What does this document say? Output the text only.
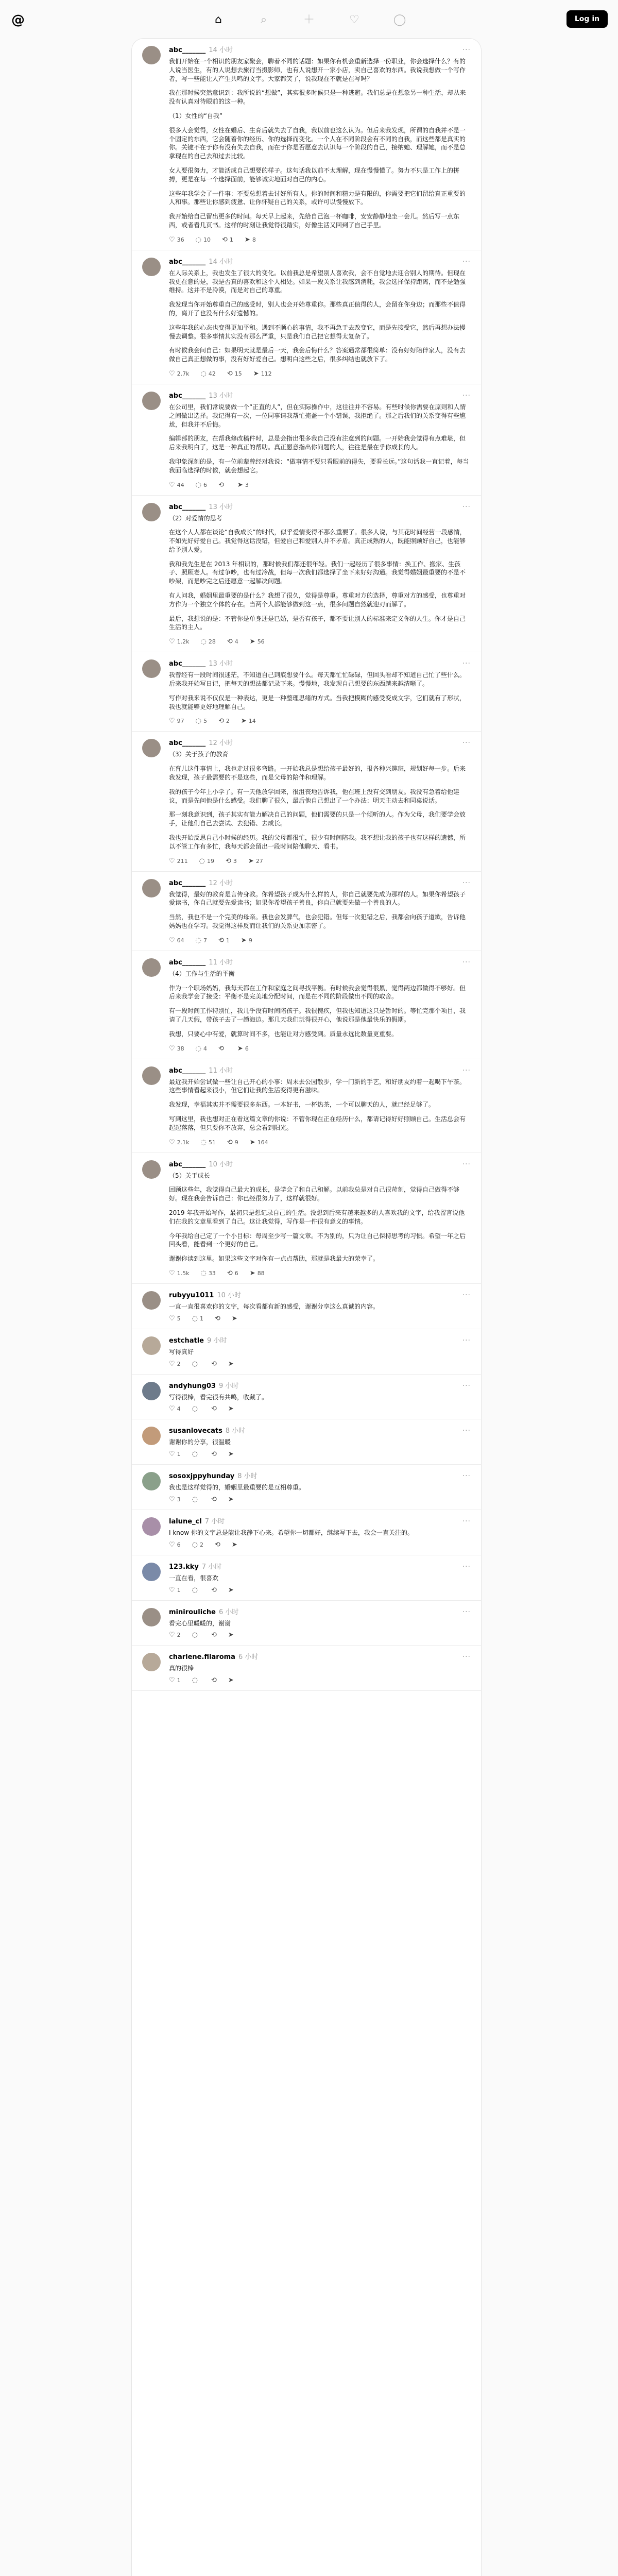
@	⌂	⌕	＋	♡	◯	Log in
abc_______ 14 小时	···

我们开始在一个相识的朋友家聚会，聊着不同的话题：如果你有机会重新选择一份职业，你会选择什么？有的人说当医生，有的人说想去旅行当摄影师，也有人说想开一家小店，卖自己喜欢的东西。我说我想做一个写作者，写一些能让人产生共鸣的文字。大家都笑了，说我现在不就是在写吗？

我在那时候突然意识到：我所说的“想做”，其实很多时候只是一种逃避。我们总是在想象另一种生活，却从来没有认真对待眼前的这一种。

（1）女性的“自我”

很多人会觉得，女性在婚后、生育后就失去了自我，我以前也这么认为。但后来我发现，所谓的自我并不是一个固定的东西，它会随着你的经历、你的选择而变化。一个人在不同阶段会有不同的自我，而这些都是真实的你。关键不在于你有没有失去自我，而在于你是否愿意去认识每一个阶段的自己，接纳她、理解她，而不是总拿现在的自己去和过去比较。

女人要很努力，才能活成自己想要的样子。这句话我以前不太理解，现在慢慢懂了。努力不只是工作上的拼搏，更是在每一个选择面前，能够诚实地面对自己的内心。

这些年我学会了一件事：不要总想着去讨好所有人。你的时间和精力是有限的，你需要把它们留给真正重要的人和事。那些让你感到疲惫、让你怀疑自己的关系，或许可以慢慢放下。

我开始给自己留出更多的时间。每天早上起来，先给自己泡一杯咖啡，安安静静地坐一会儿。然后写一点东西，或者看几页书。这样的时刻让我觉得很踏实，好像生活又回到了自己手里。

♡ 36 ◌ 10 ⟲ 1 ➤ 8
abc_______ 14 小时	···

在人际关系上，我也发生了很大的变化。以前我总是希望别人喜欢我，会不自觉地去迎合别人的期待。但现在我更在意的是，我是否真的喜欢和这个人相处。如果一段关系让我感到消耗，我会选择保持距离，而不是勉强维持。这并不是冷漠，而是对自己的尊重。

我发现当你开始尊重自己的感受时，别人也会开始尊重你。那些真正值得的人，会留在你身边；而那些不值得的，离开了也没有什么好遗憾的。

这些年我的心态也变得更加平和。遇到不顺心的事情，我不再急于去改变它，而是先接受它，然后再想办法慢慢去调整。很多事情其实没有那么严重，只是我们自己把它想得太复杂了。

有时候我会问自己：如果明天就是最后一天，我会后悔什么？答案通常都很简单：没有好好陪伴家人，没有去做自己真正想做的事，没有好好爱自己。想明白这些之后，很多纠结也就放下了。

♡ 2.7k ◌ 42 ⟲ 15 ➤ 112
abc_______ 13 小时	···

在公司里，我们常说要做一个“正直的人”，但在实际操作中，这往往并不容易。有些时候你需要在原则和人情之间做出选择。我记得有一次，一位同事请我帮忙掩盖一个小错误，我拒绝了。那之后我们的关系变得有些尴尬，但我并不后悔。

编辑部的朋友，在帮我修改稿件时，总是会指出很多我自己没有注意到的问题。一开始我会觉得有点难堪，但后来我明白了，这是一种真正的帮助。真正愿意指出你问题的人，往往是最在乎你成长的人。

我印象深刻的是，有一位前辈曾经对我说：“做事情不要只看眼前的得失，要看长远。”这句话我一直记着，每当我面临选择的时候，就会想起它。

♡ 44 ◌ 6 ⟲ ➤ 3
abc_______ 13 小时	···

（2）对爱情的思考

在这个人人都在谈论“自我成长”的时代，似乎爱情变得不那么重要了。很多人说，与其花时间经营一段感情，不如先好好爱自己。我觉得这话没错，但爱自己和爱别人并不矛盾。真正成熟的人，既能照顾好自己，也能够给予别人爱。

我和我先生是在 2013 年相识的，那时候我们都还很年轻。我们一起经历了很多事情：换工作、搬家、生孩子、照顾老人。有过争吵，也有过冷战，但每一次我们都选择了坐下来好好沟通。我觉得婚姻最重要的不是不吵架，而是吵完之后还愿意一起解决问题。

有人问我，婚姻里最重要的是什么？我想了很久，觉得是尊重。尊重对方的选择，尊重对方的感受，也尊重对方作为一个独立个体的存在。当两个人都能够做到这一点，很多问题自然就迎刃而解了。

最后，我想说的是：不管你是单身还是已婚，是否有孩子，都不要让别人的标准来定义你的人生。你才是自己生活的主人。

♡ 1.2k ◌ 28 ⟲ 4 ➤ 56
abc_______ 13 小时	···

我曾经有一段时间很迷茫，不知道自己到底想要什么。每天都忙忙碌碌，但回头看却不知道自己忙了些什么。后来我开始写日记，把每天的想法都记录下来。慢慢地，我发现自己想要的东西越来越清晰了。

写作对我来说不仅仅是一种表达，更是一种整理思绪的方式。当我把模糊的感受变成文字，它们就有了形状，我也就能够更好地理解自己。

♡ 97 ◌ 5 ⟲ 2 ➤ 14
abc_______ 12 小时	···

（3）关于孩子的教育

在育儿这件事情上，我也走过很多弯路。一开始我总是想给孩子最好的，报各种兴趣班，规划好每一步。后来我发现，孩子最需要的不是这些，而是父母的陪伴和理解。

我的孩子今年上小学了。有一天他放学回来，很沮丧地告诉我，他在班上没有交到朋友。我没有急着给他建议，而是先问他是什么感受。我们聊了很久，最后他自己想出了一个办法：明天主动去和同桌说话。

那一刻我意识到，孩子其实有能力解决自己的问题，他们需要的只是一个倾听的人。作为父母，我们要学会放手，让他们自己去尝试、去犯错、去成长。

我也开始反思自己小时候的经历。我的父母都很忙，很少有时间陪我。我不想让我的孩子也有这样的遗憾，所以不管工作有多忙，我每天都会留出一段时间陪他聊天、看书。

♡ 211 ◌ 19 ⟲ 3 ➤ 27
abc_______ 12 小时	···

我觉得，最好的教育是言传身教。你希望孩子成为什么样的人，你自己就要先成为那样的人。如果你希望孩子爱读书，你自己就要先爱读书；如果你希望孩子善良，你自己就要先做一个善良的人。

当然，我也不是一个完美的母亲。我也会发脾气，也会犯错。但每一次犯错之后，我都会向孩子道歉，告诉他妈妈也在学习。我觉得这样反而让我们的关系更加亲密了。

♡ 64 ◌ 7 ⟲ 1 ➤ 9
abc_______ 11 小时	···

（4）工作与生活的平衡

作为一个职场妈妈，我每天都在工作和家庭之间寻找平衡。有时候我会觉得很累，觉得两边都做得不够好。但后来我学会了接受：平衡不是完美地分配时间，而是在不同的阶段做出不同的取舍。

有一段时间工作特别忙，我几乎没有时间陪孩子。我很愧疚，但我也知道这只是暂时的。等忙完那个项目，我请了几天假，带孩子去了一趟海边。那几天我们玩得很开心，他说那是他最快乐的假期。

我想，只要心中有爱，就算时间不多，也能让对方感受到。质量永远比数量更重要。

♡ 38 ◌ 4 ⟲ ➤ 6
abc_______ 11 小时	···

最近我开始尝试做一些让自己开心的小事：周末去公园散步，学一门新的手艺，和好朋友约着一起喝下午茶。这些事情看起来很小，但它们让我的生活变得更有滋味。

我发现，幸福其实并不需要很多东西。一本好书，一杯热茶，一个可以聊天的人，就已经足够了。

写到这里，我也想对正在看这篇文章的你说：不管你现在正在经历什么，都请记得好好照顾自己。生活总会有起起落落，但只要你不放弃，总会看到阳光。

♡ 2.1k ◌ 51 ⟲ 9 ➤ 164
abc_______ 10 小时	···

（5）关于成长

回顾这些年，我觉得自己最大的成长，是学会了和自己和解。以前我总是对自己很苛刻，觉得自己做得不够好。现在我会告诉自己：你已经很努力了，这样就很好。

2019 年我开始写作，最初只是想记录自己的生活。没想到后来有越来越多的人喜欢我的文字，给我留言说他们在我的文章里看到了自己。这让我觉得，写作是一件很有意义的事情。

今年我给自己定了一个小目标：每周至少写一篇文章。不为别的，只为让自己保持思考的习惯。希望一年之后回头看，能看到一个更好的自己。

谢谢你读到这里。如果这些文字对你有一点点帮助，那就是我最大的荣幸了。

♡ 1.5k ◌ 33 ⟲ 6 ➤ 88
rubyyu1011 10 小时	···

一直一直很喜欢你的文字，每次看都有新的感受，谢谢分享这么真诚的内容。

♡ 5 ◌ 1 ⟲ ➤
estchatle 9 小时	···

写得真好

♡ 2 ◌ ⟲ ➤
andyhung03 9 小时	···

写得很棒，看完很有共鸣，收藏了。

♡ 4 ◌ ⟲ ➤
susanlovecats 8 小时	···

谢谢你的分享，很温暖

♡ 1 ◌ ⟲ ➤
sosoxjppyhunday 8 小时	···

我也是这样觉得的，婚姻里最重要的是互相尊重。

♡ 3 ◌ ⟲ ➤
lalune_cl 7 小时	···

I know 你的文字总是能让我静下心来。希望你一切都好，继续写下去，我会一直关注的。

♡ 6 ◌ 2 ⟲ ➤
123.kky 7 小时	···

一直在看，很喜欢

♡ 1 ◌ ⟲ ➤
minirouliche 6 小时	···

看完心里暖暖的，谢谢

♡ 2 ◌ ⟲ ➤
charlene.filaroma 6 小时	···

真的很棒

♡ 1 ◌ ⟲ ➤
